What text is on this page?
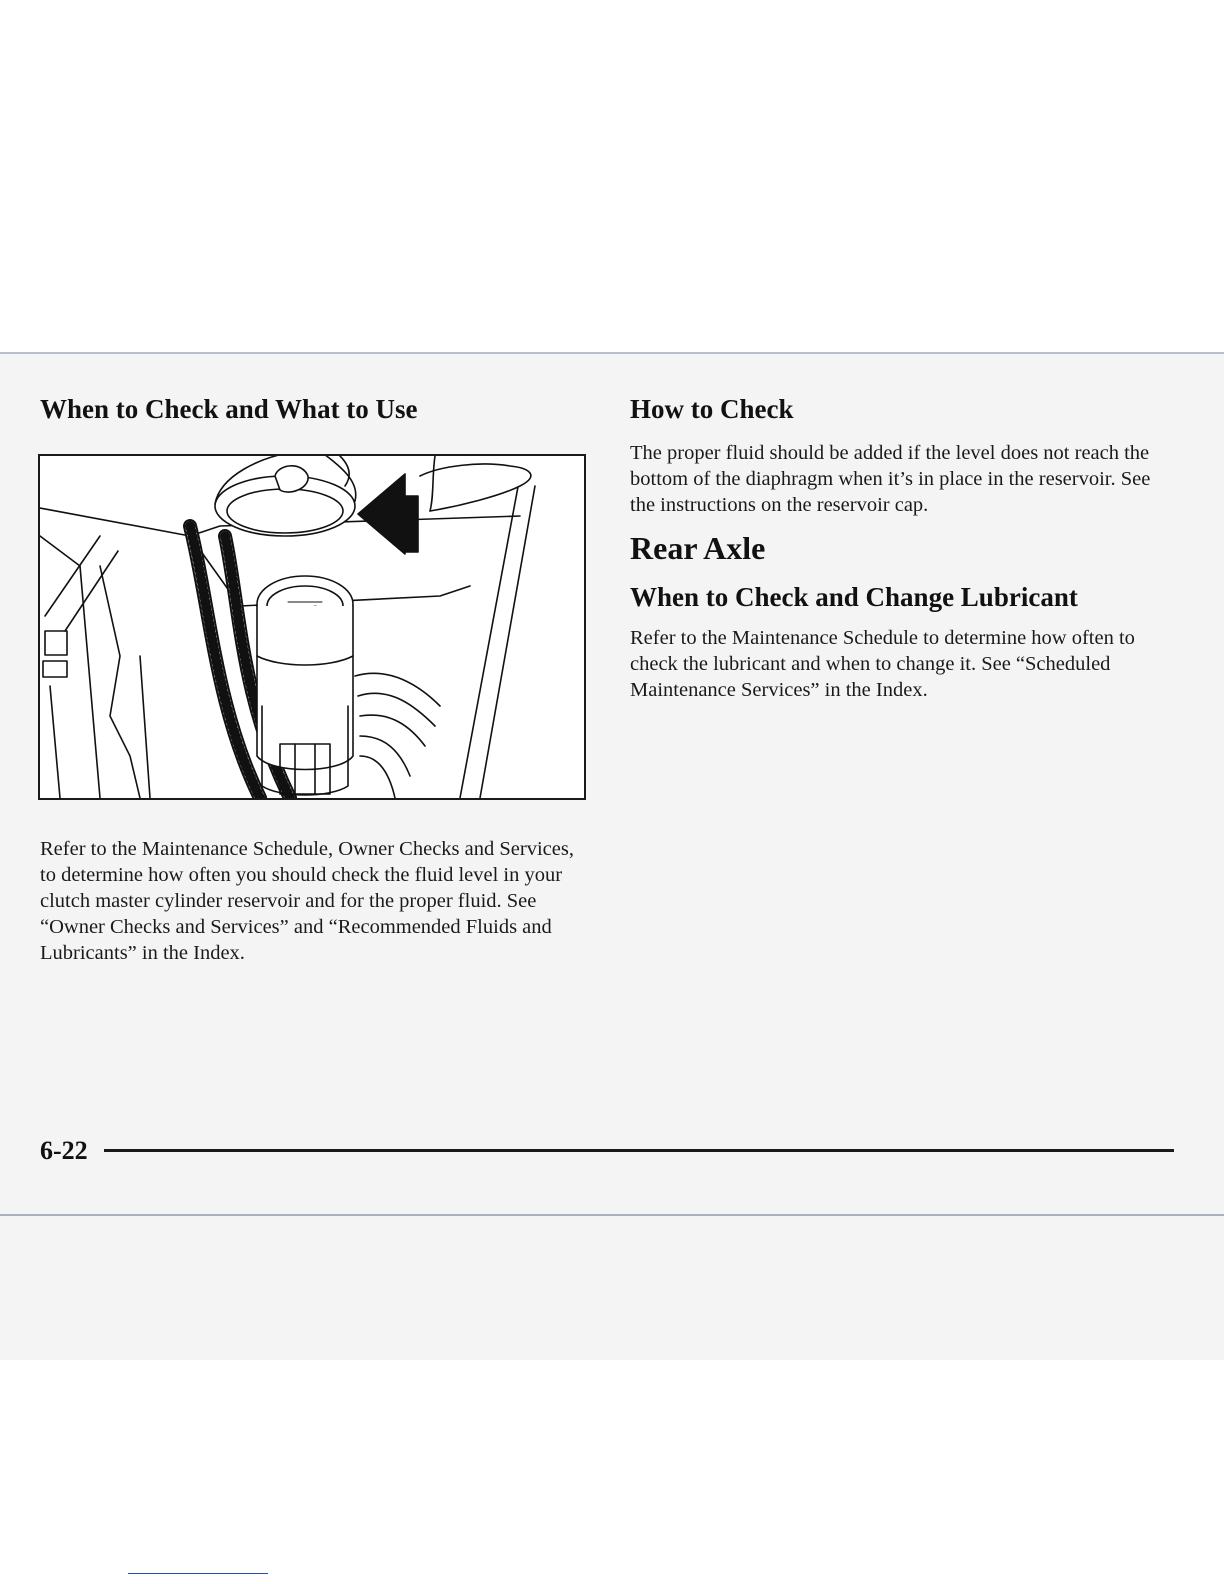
When to Check and What to Use

Refer to the Maintenance Schedule, Owner Checks and Services, to determine how often you should check the fluid level in your clutch master cylinder reservoir and for the proper fluid. See “Owner Checks and Services” and “Recommended Fluids and Lubricants” in the Index.

How to Check

The proper fluid should be added if the level does not reach the bottom of the diaphragm when it’s in place in the reservoir. See the instructions on the reservoir cap.

Rear Axle
When to Check and Change Lubricant

Refer to the Maintenance Schedule to determine how often to check the lubricant and when to change it. See “Scheduled Maintenance Services” in the Index.

6-22
